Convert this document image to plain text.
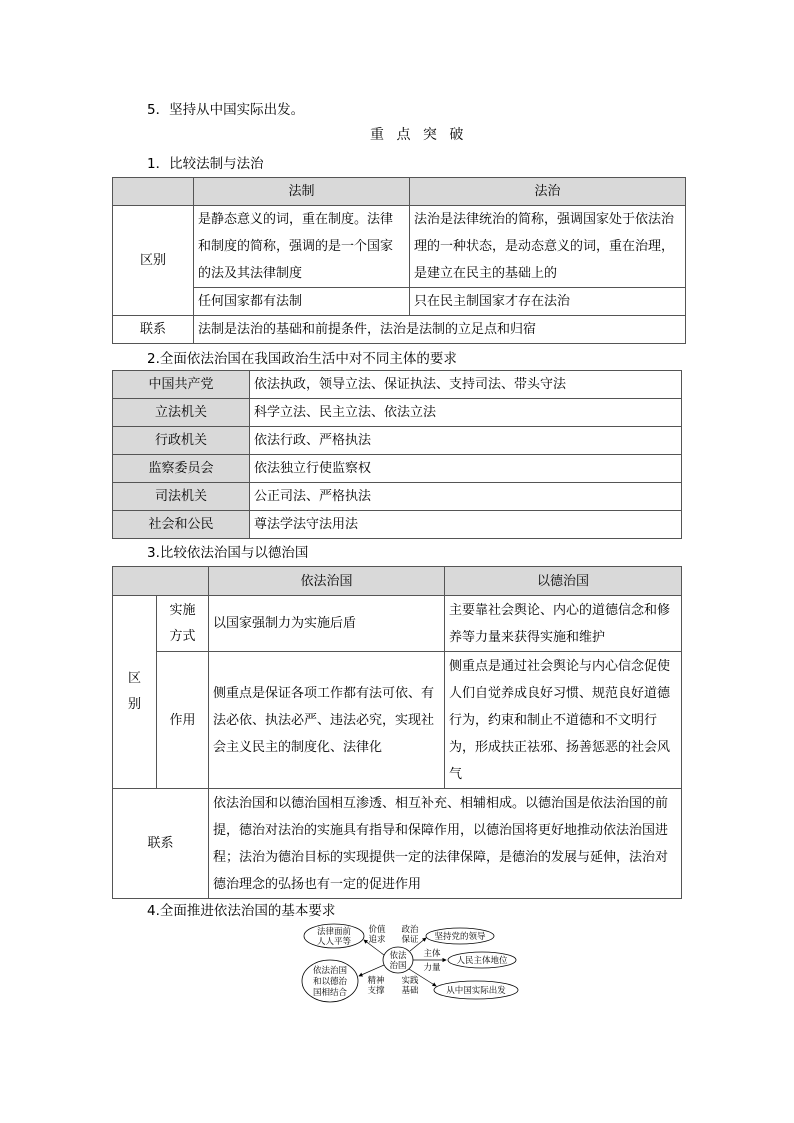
5．坚持从中国实际出发。
重 点 突 破
1．比较法制与法治
	法制	法治
区别	是静态意义的词，重在制度。法律和制度的简称，强调的是一个国家的法及其法律制度	法治是法律统治的简称，强调国家处于依法治理的一种状态，是动态意义的词，重在治理，是建立在民主的基础上的
	任何国家都有法制	只在民主制国家才存在法治
联系	法制是法治的基础和前提条件，法治是法制的立足点和归宿	
2.全面依法治国在我国政治生活中对不同主体的要求
中国共产党	依法执政，领导立法、保证执法、支持司法、带头守法
立法机关	科学立法、民主立法、依法立法
行政机关	依法行政、严格执法
监察委员会	依法独立行使监察权
司法机关	公正司法、严格执法
社会和公民	尊法学法守法用法
3.比较依法治国与以德治国
		依法治国	以德治国
区别	实施方式	以国家强制力为实施后盾	主要靠社会舆论、内心的道德信念和修养等力量来获得实施和维护
	作用	侧重点是保证各项工作都有法可依、有法必依、执法必严、违法必究，实现社会主义民主的制度化、法律化	侧重点是通过社会舆论与内心信念促使人们自觉养成良好习惯、规范良好道德行为，约束和制止不道德和不文明行为，形成扶正祛邪、扬善惩恶的社会风气
联系		依法治国和以德治国相互渗透、相互补充、相辅相成。以德治国是依法治国的前提，德治对法治的实施具有指导和保障作用，以德治国将更好地推动依法治国进程；法治为德治目标的实现提供一定的法律保障，是德治的发展与延伸，法治对德治理念的弘扬也有一定的促进作用	
4.全面推进依法治国的基本要求
依法
治国
法律面前
人人平等	坚持党的领导
人民主体地位
从中国实际出发
依法治国
和以德治
国相结合
价值
追求
政治
保证
主体
力量
精神
支撑
实践
基础
